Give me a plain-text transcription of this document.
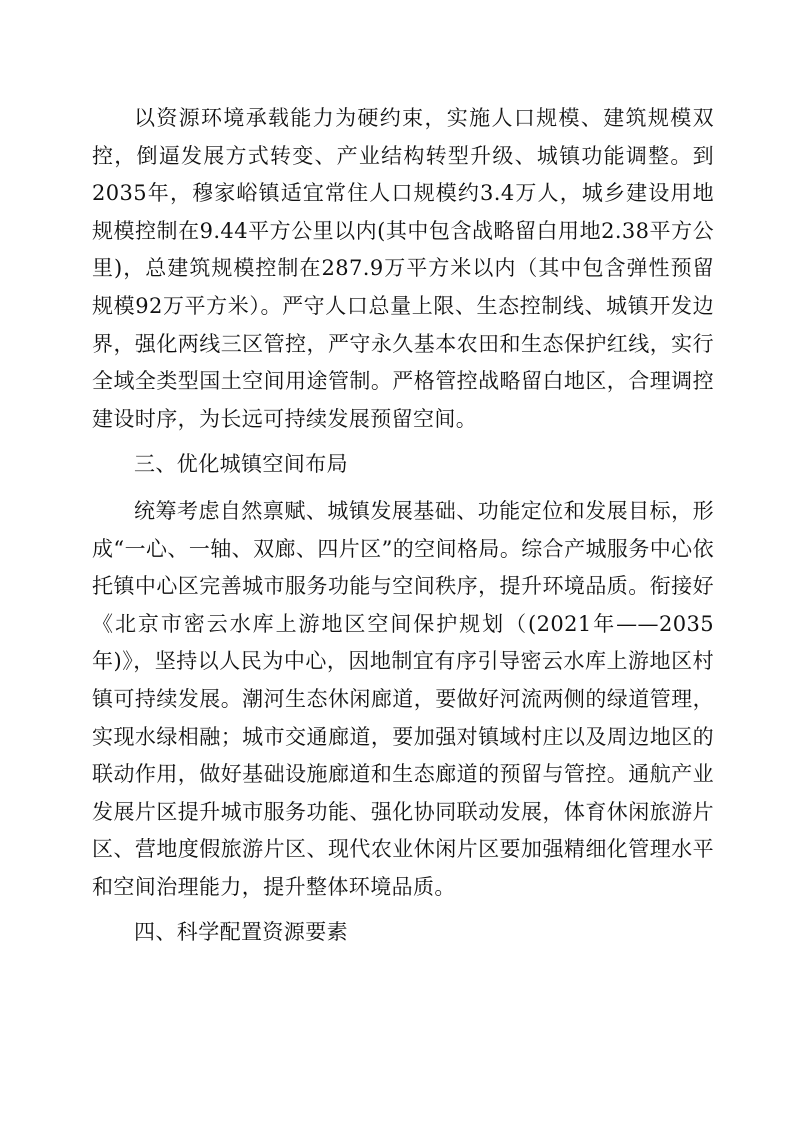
以资源环境承载能力为硬约束，实施人口规模、建筑规模双控，倒逼发展方式转变、产业结构转型升级、城镇功能调整。到2035年，穆家峪镇适宜常住人口规模约3.4万人，城乡建设用地规模控制在9.44平方公里以内(其中包含战略留白用地2.38平方公里)，总建筑规模控制在287.9万平方米以内（其中包含弹性预留规模92万平方米）。严守人口总量上限、生态控制线、城镇开发边界，强化两线三区管控，严守永久基本农田和生态保护红线，实行全域全类型国土空间用途管制。严格管控战略留白地区，合理调控建设时序，为长远可持续发展预留空间。

三、优化城镇空间布局

统筹考虑自然禀赋、城镇发展基础、功能定位和发展目标，形成“一心、一轴、双廊、四片区”的空间格局。综合产城服务中心依托镇中心区完善城市服务功能与空间秩序，提升环境品质。衔接好《北京市密云水库上游地区空间保护规划（(2021年——2035年)》，坚持以人民为中心，因地制宜有序引导密云水库上游地区村镇可持续发展。潮河生态休闲廊道，要做好河流两侧的绿道管理，实现水绿相融；城市交通廊道，要加强对镇域村庄以及周边地区的联动作用，做好基础设施廊道和生态廊道的预留与管控。通航产业发展片区提升城市服务功能、强化协同联动发展，体育休闲旅游片区、营地度假旅游片区、现代农业休闲片区要加强精细化管理水平和空间治理能力，提升整体环境品质。

四、科学配置资源要素
